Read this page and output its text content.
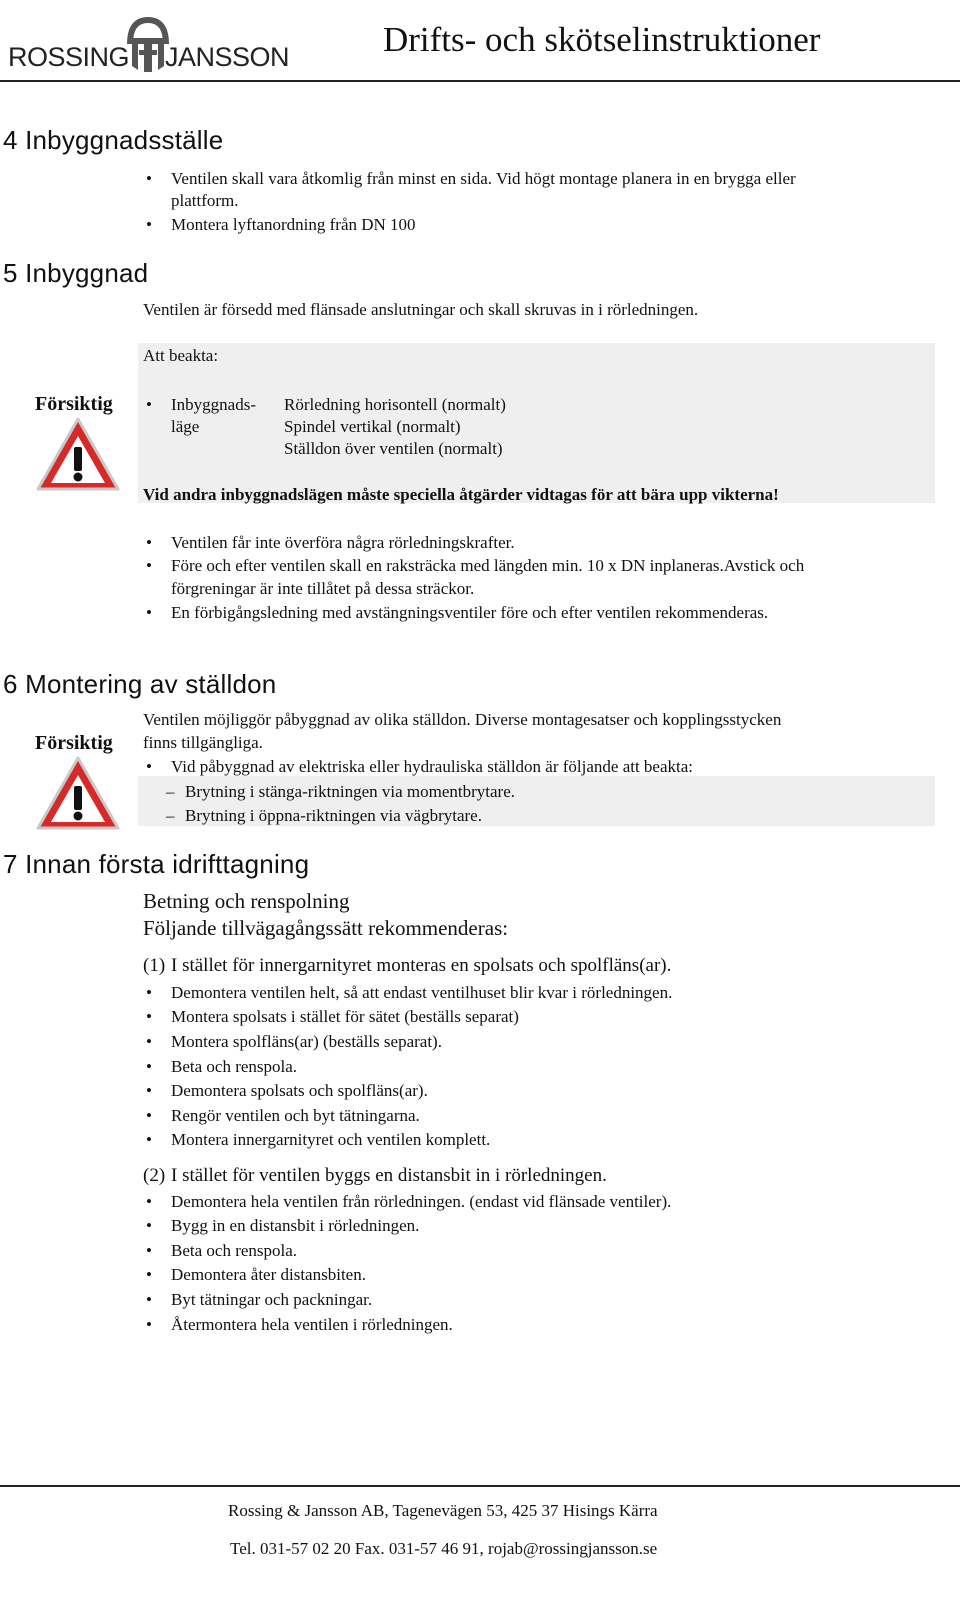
ROSSING JANSSON	Drifts- och skötselinstruktioner
4 Inbyggnadsställe
• Ventilen skall vara åtkomlig från minst en sida. Vid högt montage planera in en brygga eller
plattform.
• Montera lyftanordning från DN 100
5 Inbyggnad
Ventilen är försedd med flänsade anslutningar och skall skruvas in i rörledningen.
Att beakta:
Försiktig • Inbyggnads-
läge
Rörledning horisontell (normalt)
Spindel vertikal (normalt)
Ställdon över ventilen (normalt)
Vid andra inbyggnadslägen måste speciella åtgärder vidtagas för att bära upp vikterna!
• Ventilen får inte överföra några rörledningskrafter.
• Före och efter ventilen skall en raksträcka med längden min. 10 x DN inplaneras.Avstick och
förgreningar är inte tillåtet på dessa sträckor.
• En förbigångsledning med avstängningsventiler före och efter ventilen rekommenderas.
6 Montering av ställdon
Ventilen möjliggör påbyggnad av olika ställdon. Diverse montagesatser och kopplingsstycken
finns tillgängliga.
Försiktig
• Vid påbyggnad av elektriska eller hydrauliska ställdon är följande att beakta:
– Brytning i stänga-riktningen via momentbrytare.
– Brytning i öppna-riktningen via vägbrytare.
7 Innan första idrifttagning
Betning och renspolning
Följande tillvägagångssätt rekommenderas:
(1) I stället för innergarnityret monteras en spolsats och spolfläns(ar).
• Demontera ventilen helt, så att endast ventilhuset blir kvar i rörledningen.
• Montera spolsats i stället för sätet (beställs separat)
• Montera spolfläns(ar) (beställs separat).
• Beta och renspola.
• Demontera spolsats och spolfläns(ar).
• Rengör ventilen och byt tätningarna.
• Montera innergarnityret och ventilen komplett.
(2) I stället för ventilen byggs en distansbit in i rörledningen.
• Demontera hela ventilen från rörledningen. (endast vid flänsade ventiler).
• Bygg in en distansbit i rörledningen.
• Beta och renspola.
• Demontera åter distansbiten.
• Byt tätningar och packningar.
• Återmontera hela ventilen i rörledningen.
Rossing & Jansson AB, Tagenevägen 53, 425 37 Hisings Kärra
Tel. 031-57 02 20 Fax. 031-57 46 91, rojab@rossingjansson.se
